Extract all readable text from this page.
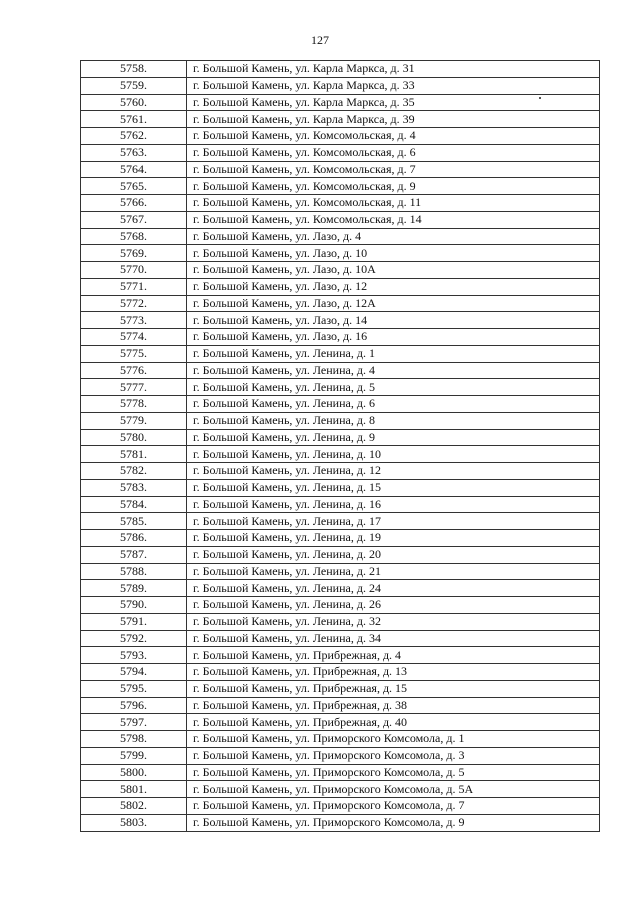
127
5758.	г. Большой Камень, ул. Карла Маркса, д. 31
5759.	г. Большой Камень, ул. Карла Маркса, д. 33
5760.	г. Большой Камень, ул. Карла Маркса, д. 35
5761.	г. Большой Камень, ул. Карла Маркса, д. 39
5762.	г. Большой Камень, ул. Комсомольская, д. 4
5763.	г. Большой Камень, ул. Комсомольская, д. 6
5764.	г. Большой Камень, ул. Комсомольская, д. 7
5765.	г. Большой Камень, ул. Комсомольская, д. 9
5766.	г. Большой Камень, ул. Комсомольская, д. 11
5767.	г. Большой Камень, ул. Комсомольская, д. 14
5768.	г. Большой Камень, ул. Лазо, д. 4
5769.	г. Большой Камень, ул. Лазо, д. 10
5770.	г. Большой Камень, ул. Лазо, д. 10А
5771.	г. Большой Камень, ул. Лазо, д. 12
5772.	г. Большой Камень, ул. Лазо, д. 12А
5773.	г. Большой Камень, ул. Лазо, д. 14
5774.	г. Большой Камень, ул. Лазо, д. 16
5775.	г. Большой Камень, ул. Ленина, д. 1
5776.	г. Большой Камень, ул. Ленина, д. 4
5777.	г. Большой Камень, ул. Ленина, д. 5
5778.	г. Большой Камень, ул. Ленина, д. 6
5779.	г. Большой Камень, ул. Ленина, д. 8
5780.	г. Большой Камень, ул. Ленина, д. 9
5781.	г. Большой Камень, ул. Ленина, д. 10
5782.	г. Большой Камень, ул. Ленина, д. 12
5783.	г. Большой Камень, ул. Ленина, д. 15
5784.	г. Большой Камень, ул. Ленина, д. 16
5785.	г. Большой Камень, ул. Ленина, д. 17
5786.	г. Большой Камень, ул. Ленина, д. 19
5787.	г. Большой Камень, ул. Ленина, д. 20
5788.	г. Большой Камень, ул. Ленина, д. 21
5789.	г. Большой Камень, ул. Ленина, д. 24
5790.	г. Большой Камень, ул. Ленина, д. 26
5791.	г. Большой Камень, ул. Ленина, д. 32
5792.	г. Большой Камень, ул. Ленина, д. 34
5793.	г. Большой Камень, ул. Прибрежная, д. 4
5794.	г. Большой Камень, ул. Прибрежная, д. 13
5795.	г. Большой Камень, ул. Прибрежная, д. 15
5796.	г. Большой Камень, ул. Прибрежная, д. 38
5797.	г. Большой Камень, ул. Прибрежная, д. 40
5798.	г. Большой Камень, ул. Приморского Комсомола, д. 1
5799.	г. Большой Камень, ул. Приморского Комсомола, д. 3
5800.	г. Большой Камень, ул. Приморского Комсомола, д. 5
5801.	г. Большой Камень, ул. Приморского Комсомола, д. 5А
5802.	г. Большой Камень, ул. Приморского Комсомола, д. 7
5803.	г. Большой Камень, ул. Приморского Комсомола, д. 9
